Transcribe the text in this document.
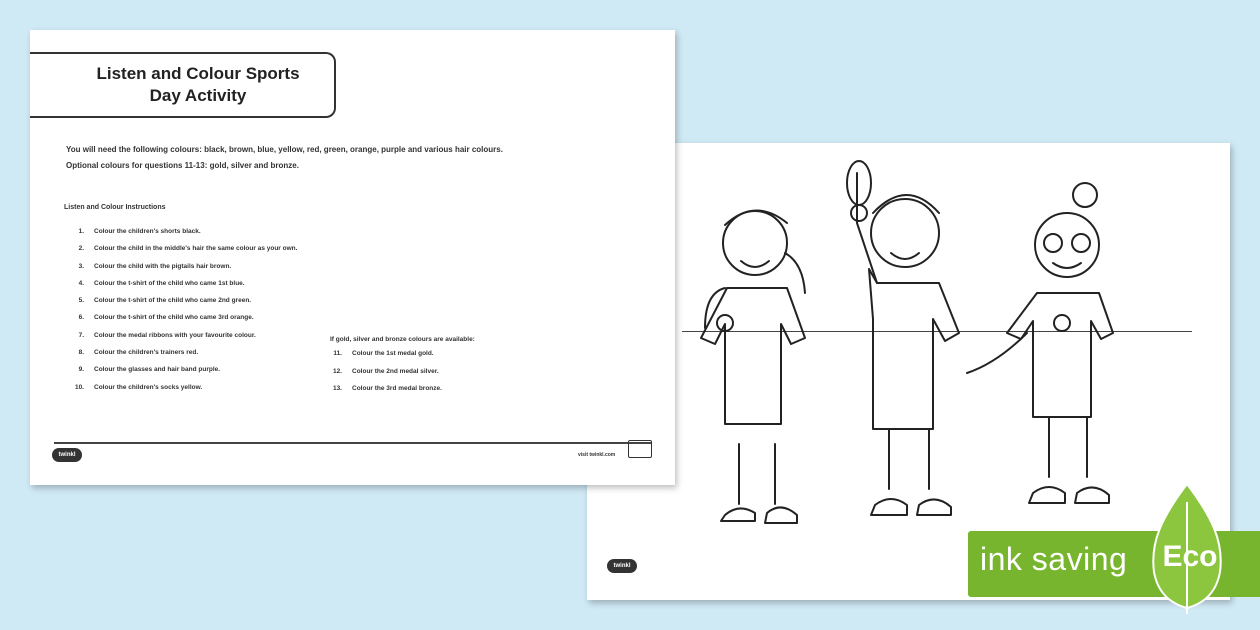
Listen and Colour Sports
Day Activity
You will need the following colours: black, brown, blue, yellow, red, green, orange, purple and various hair colours.
Optional colours for questions 11-13: gold, silver and bronze.
Listen and Colour Instructions
1. Colour the children's shorts black.
2. Colour the child in the middle's hair the same colour as your own.
3. Colour the child with the pigtails hair brown.
4. Colour the t-shirt of the child who came 1st blue.
5. Colour the t-shirt of the child who came 2nd green.
6. Colour the t-shirt of the child who came 3rd orange.
7. Colour the medal ribbons with your favourite colour.
8. Colour the children's trainers red.
9. Colour the glasses and hair band purple.
10. Colour the children's socks yellow.
If gold, silver and bronze colours are available:
11. Colour the 1st medal gold.
12. Colour the 2nd medal silver.
13. Colour the 3rd medal bronze.
twinkl	visit twinkl.com
twinkl	ink saving Eco
